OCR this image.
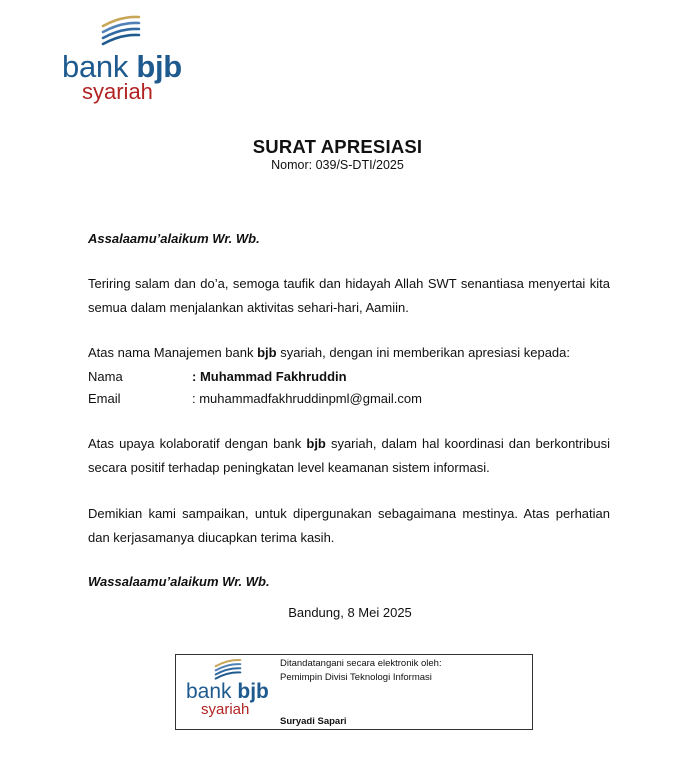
bank bjb
syariah
SURAT APRESIASI
Nomor: 039/S-DTI/2025
Assalaamu’alaikum Wr. Wb.
Teriring salam dan do’a, semoga taufik dan hidayah Allah SWT senantiasa menyertai kita semua dalam menjalankan aktivitas sehari-hari, Aamiin.
Atas nama Manajemen bank bjb syariah, dengan ini memberikan apresiasi kepada:
Nama	: Muhammad Fakhruddin
Email	: muhammadfakhruddinpml@gmail.com
Atas upaya kolaboratif dengan bank bjb syariah, dalam hal koordinasi dan berkontribusi secara positif terhadap peningkatan level keamanan sistem informasi.
Demikian kami sampaikan, untuk dipergunakan sebagaimana mestinya. Atas perhatian dan kerjasamanya diucapkan terima kasih.
Wassalaamu’alaikum Wr. Wb.
Bandung, 8 Mei 2025
bank bjb
syariah
Ditandatangani secara elektronik oleh:
Pemimpin Divisi Teknologi Informasi
Suryadi Sapari
